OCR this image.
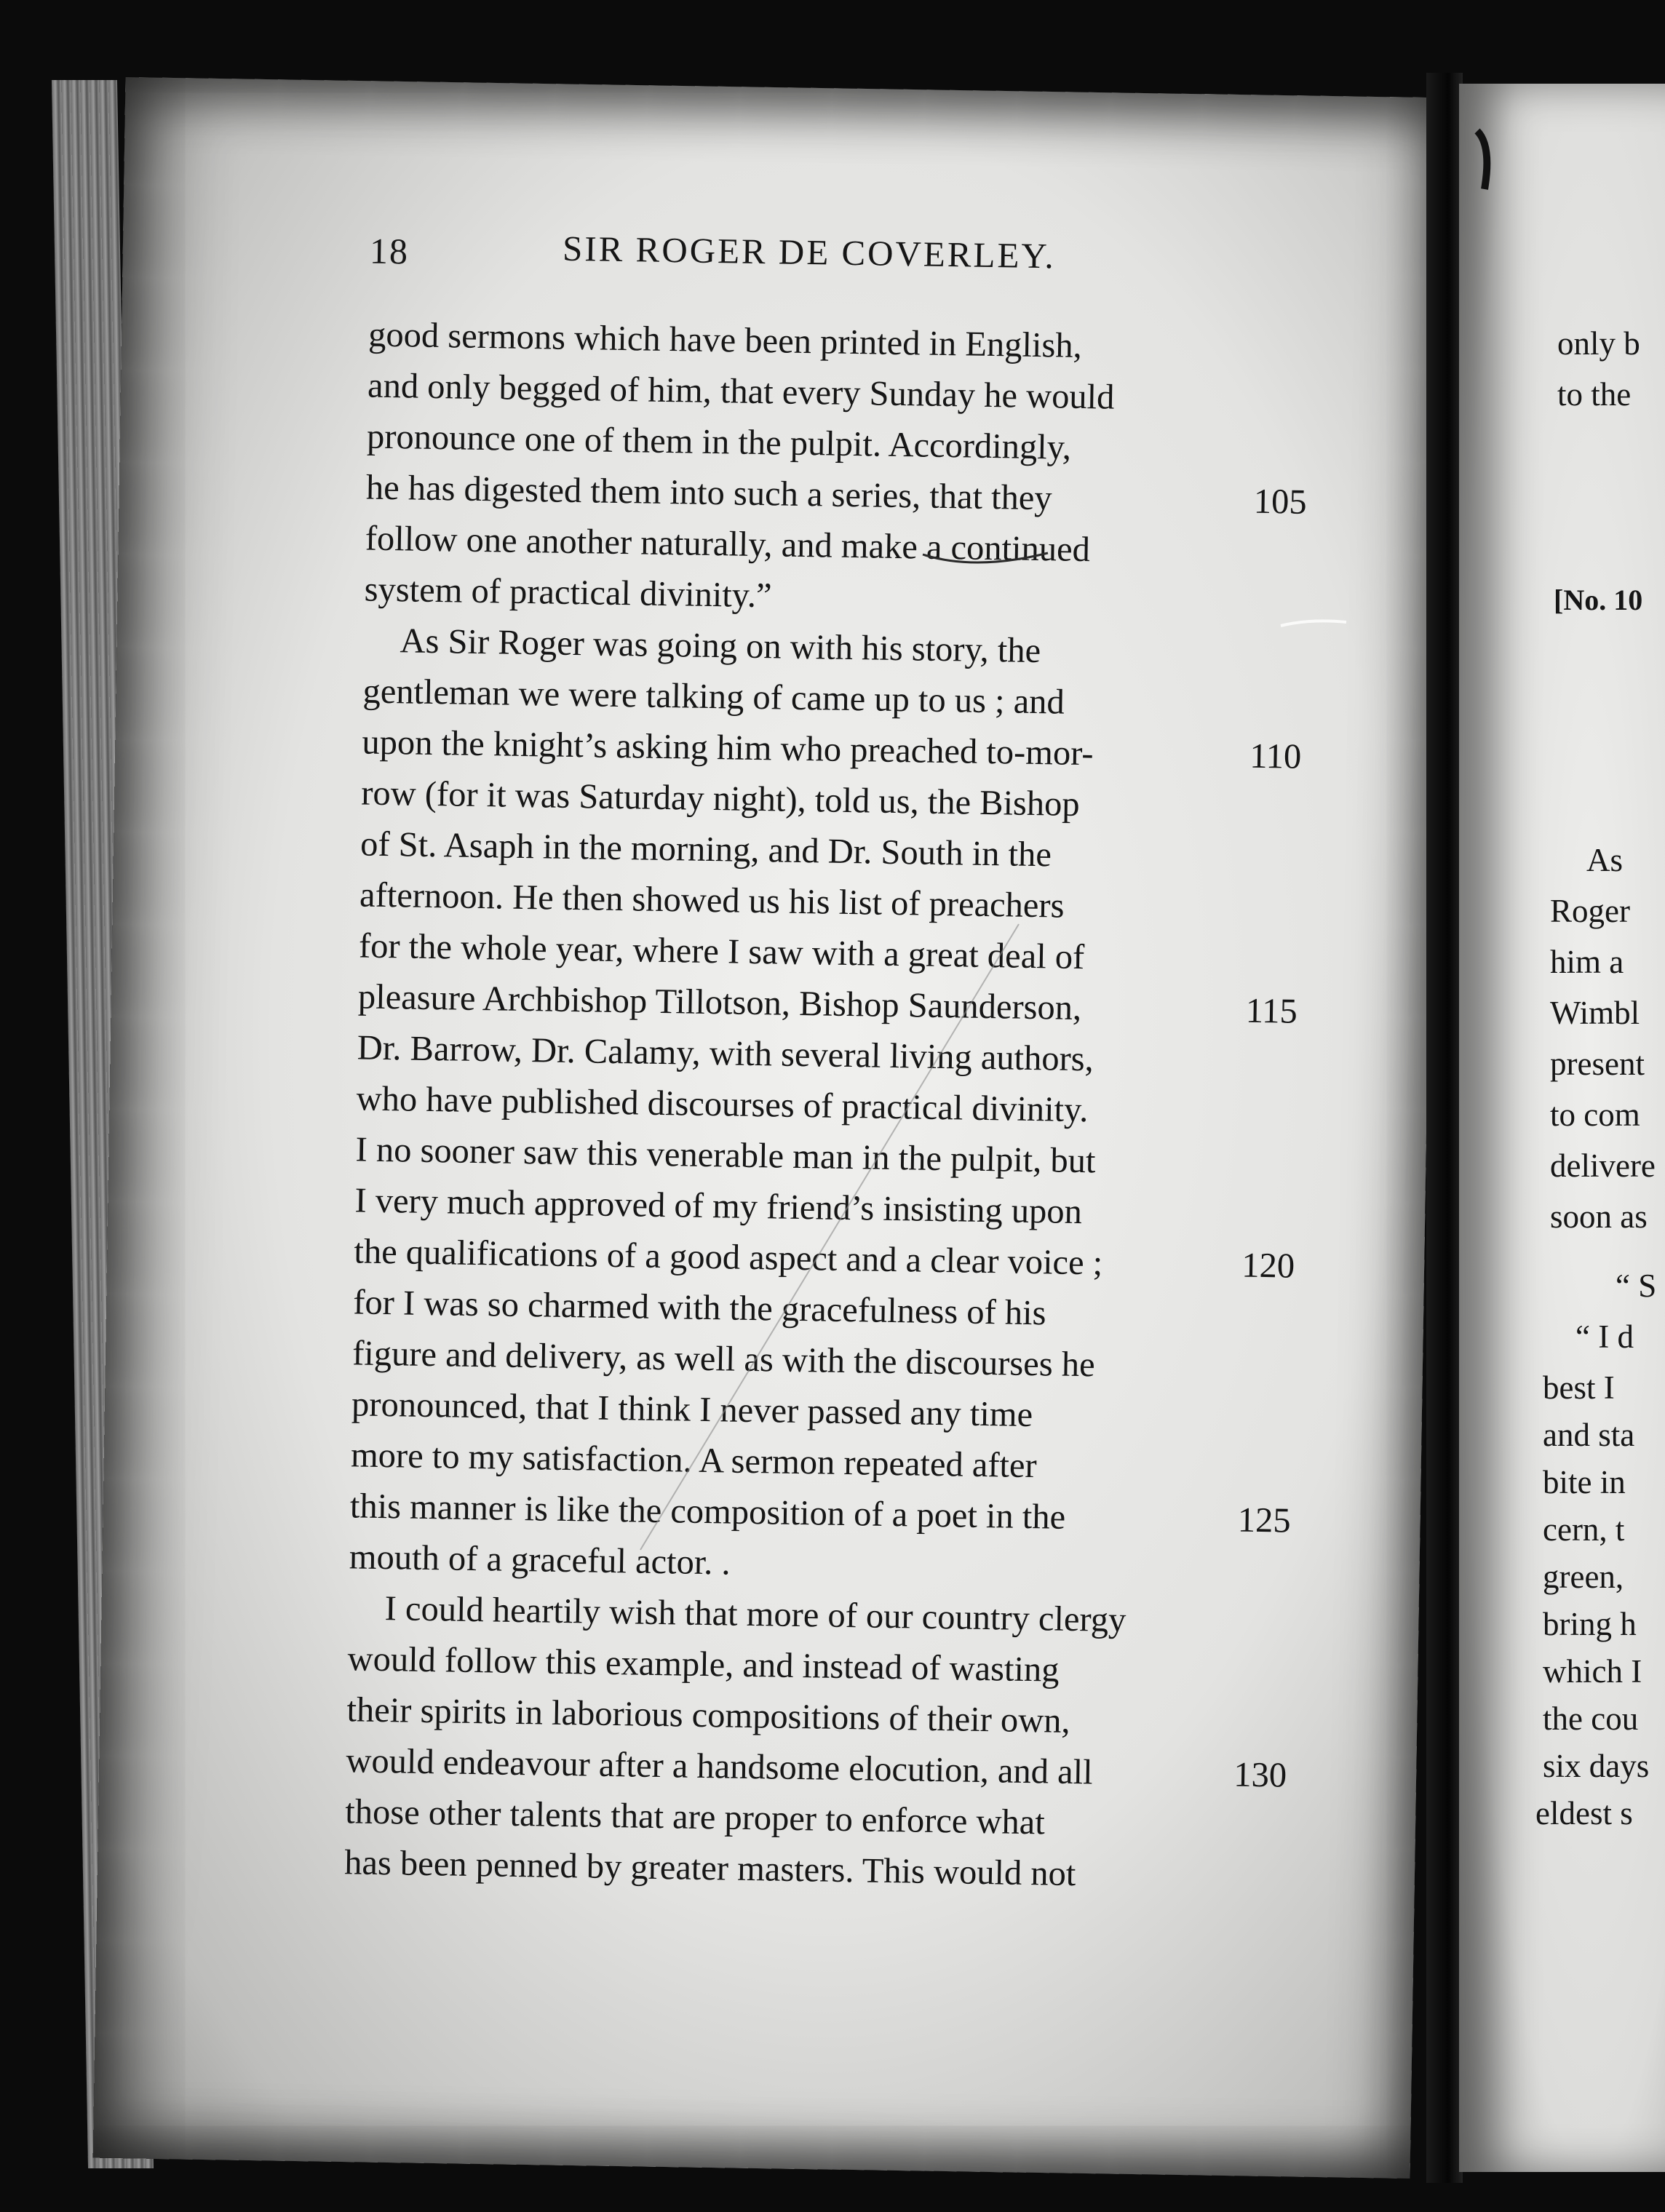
18	SIR ROGER DE COVERLEY.
good sermons which have been printed in English,
and only begged of him, that every Sunday he would
pronounce one of them in the pulpit. Accordingly,
he has digested them into such a series, that they
follow one another naturally, and make a continued
system of practical divinity.”
As Sir Roger was going on with his story, the
gentleman we were talking of came up to us ; and
upon the knight’s asking him who preached to-mor-
row (for it was Saturday night), told us, the Bishop
of St. Asaph in the morning, and Dr. South in the
afternoon. He then showed us his list of preachers
for the whole year, where I saw with a great deal of
pleasure Archbishop Tillotson, Bishop Saunderson,
Dr. Barrow, Dr. Calamy, with several living authors,
who have published discourses of practical divinity.
I no sooner saw this venerable man in the pulpit, but
I very much approved of my friend’s insisting upon
the qualifications of a good aspect and a clear voice ;
for I was so charmed with the gracefulness of his
figure and delivery, as well as with the discourses he
pronounced, that I think I never passed any time
more to my satisfaction. A sermon repeated after
this manner is like the composition of a poet in the
mouth of a graceful actor. .
I could heartily wish that more of our country clergy
would follow this example, and instead of wasting
their spirits in laborious compositions of their own,
would endeavour after a handsome elocution, and all
those other talents that are proper to enforce what
has been penned by greater masters. This would not
105
110
115
120
125
130
only b
to the
[No. 10
As
Roger
him a
Wimbl
present
to com
delivere
soon as
“ S
“ I d
best I
and sta
bite in
cern, t
green,
bring h
which I
the cou
six days
eldest s
